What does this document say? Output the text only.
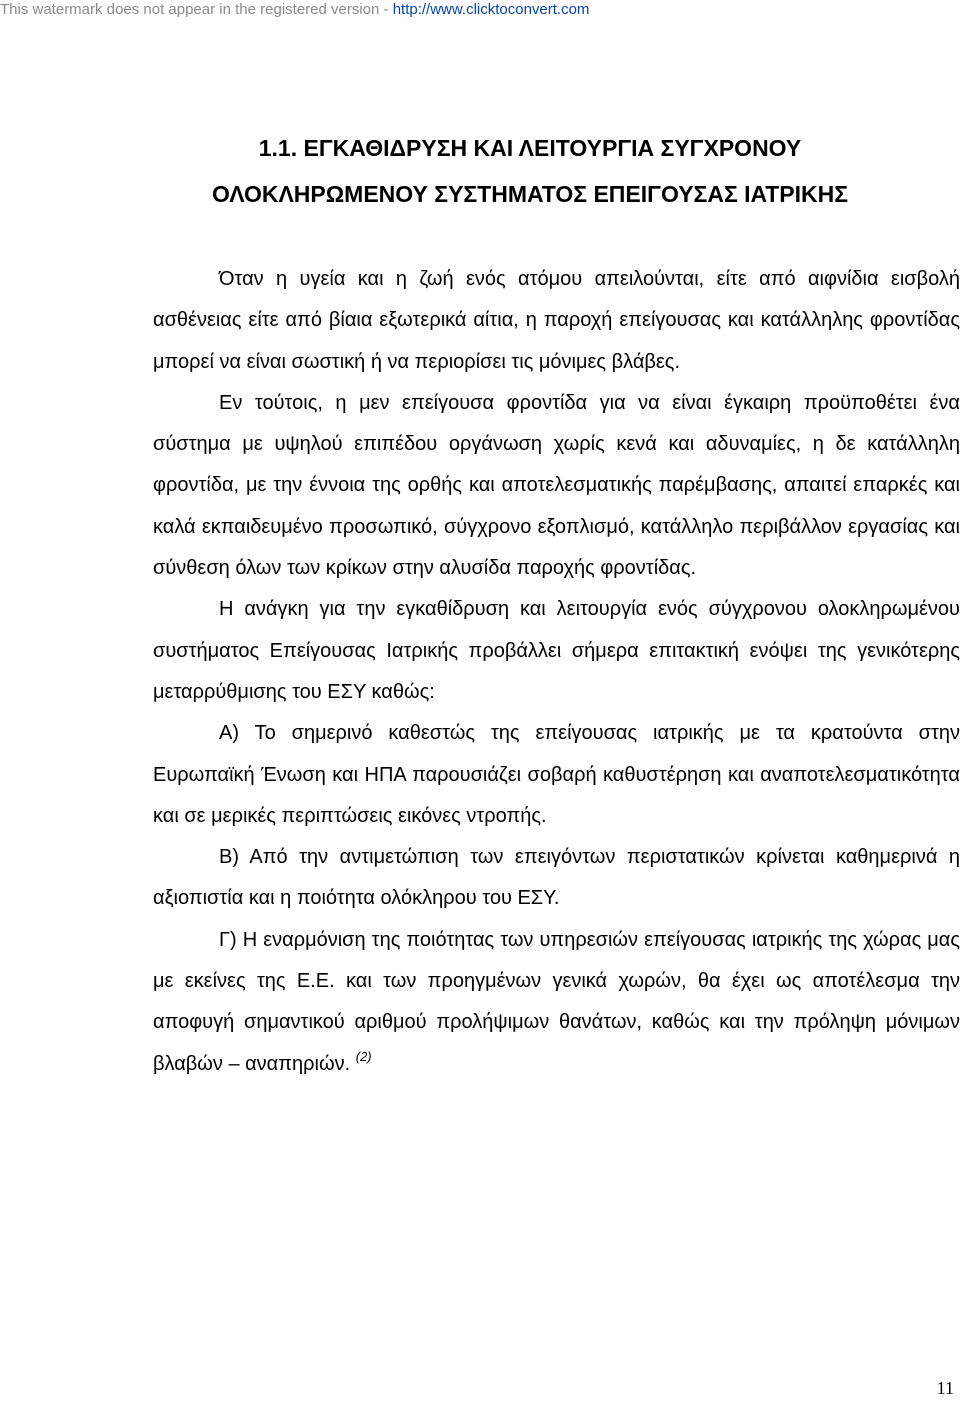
This watermark does not appear in the registered version - http://www.clicktoconvert.com
1.1. ΕΓΚΑΘΙΔΡΥΣΗ ΚΑΙ ΛΕΙΤΟΥΡΓΙΑ ΣΥΓΧΡΟΝΟΥ
ΟΛΟΚΛΗΡΩΜΕΝΟΥ ΣΥΣΤΗΜΑΤΟΣ ΕΠΕΙΓΟΥΣΑΣ ΙΑΤΡΙΚΗΣ

Όταν η υγεία και η ζωή ενός ατόμου απειλούνται, είτε από αιφνίδια εισβολή ασθένειας είτε από βίαια εξωτερικά αίτια, η παροχή επείγουσας και κατάλληλης φροντίδας μπορεί να είναι σωστική ή να περιορίσει τις μόνιμες βλάβες.

Εν τούτοις, η μεν επείγουσα φροντίδα για να είναι έγκαιρη προϋποθέτει ένα σύστημα με υψηλού επιπέδου οργάνωση χωρίς κενά και αδυναμίες, η δε κατάλληλη φροντίδα, με την έννοια της ορθής και αποτελεσματικής παρέμβασης, απαιτεί επαρκές και καλά εκπαιδευμένο προσωπικό, σύγχρονο εξοπλισμό, κατάλληλο περιβάλλον εργασίας και σύνθεση όλων των κρίκων στην αλυσίδα παροχής φροντίδας.

Η ανάγκη για την εγκαθίδρυση και λειτουργία ενός σύγχρονου ολοκληρωμένου συστήματος Επείγουσας Ιατρικής προβάλλει σήμερα επιτακτική ενόψει της γενικότερης μεταρρύθμισης του ΕΣΥ καθώς:

Α) Το σημερινό καθεστώς της επείγουσας ιατρικής με τα κρατούντα στην Ευρωπαϊκή Ένωση και ΗΠΑ παρουσιάζει σοβαρή καθυστέρηση και αναποτελεσματικότητα και σε μερικές περιπτώσεις εικόνες ντροπής.

Β) Από την αντιμετώπιση των επειγόντων περιστατικών κρίνεται καθημερινά η αξιοπιστία και η ποιότητα ολόκληρου του ΕΣΥ.

Γ) Η εναρμόνιση της ποιότητας των υπηρεσιών επείγουσας ιατρικής της χώρας μας με εκείνες της Ε.Ε. και των προηγμένων γενικά χωρών, θα έχει ως αποτέλεσμα την αποφυγή σημαντικού αριθμού προλήψιμων θανάτων, καθώς και την πρόληψη μόνιμων βλαβών – αναπηριών. $^{(2)}$

11
